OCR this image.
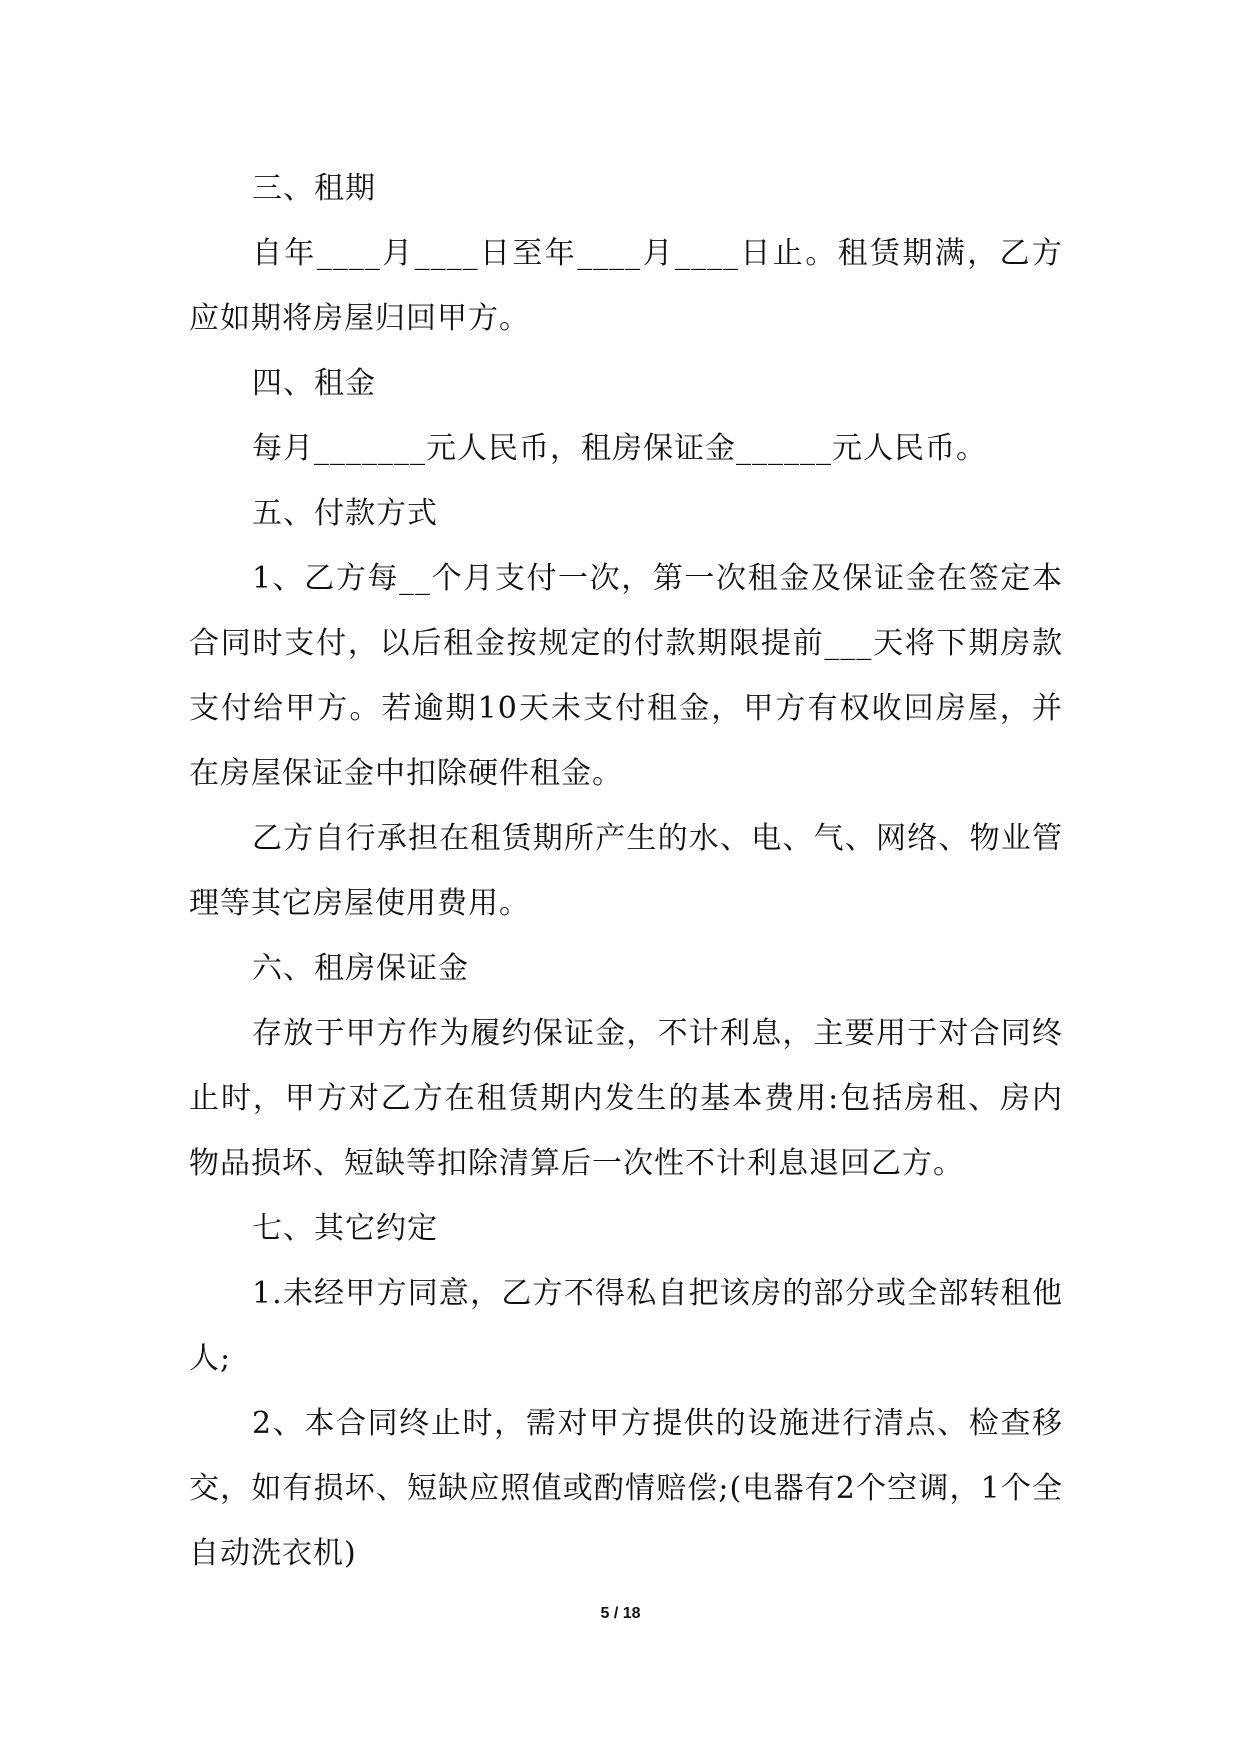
三、租期

自年____月____日至年____月____日止。租赁期满，乙方应如期将房屋归回甲方。

四、租金

每月_______元人民币，租房保证金______元人民币。

五、付款方式

1、乙方每__个月支付一次，第一次租金及保证金在签定本合同时支付，以后租金按规定的付款期限提前___天将下期房款支付给甲方。若逾期10天未支付租金，甲方有权收回房屋，并在房屋保证金中扣除硬件租金。

乙方自行承担在租赁期所产生的水、电、气、网络、物业管理等其它房屋使用费用。

六、租房保证金

存放于甲方作为履约保证金，不计利息，主要用于对合同终止时，甲方对乙方在租赁期内发生的基本费用:包括房租、房内物品损坏、短缺等扣除清算后一次性不计利息退回乙方。

七、其它约定

1.未经甲方同意，乙方不得私自把该房的部分或全部转租他人;

2、本合同终止时，需对甲方提供的设施进行清点、检查移交，如有损坏、短缺应照值或酌情赔偿;(电器有2个空调，1个全自动洗衣机)

5 / 18
